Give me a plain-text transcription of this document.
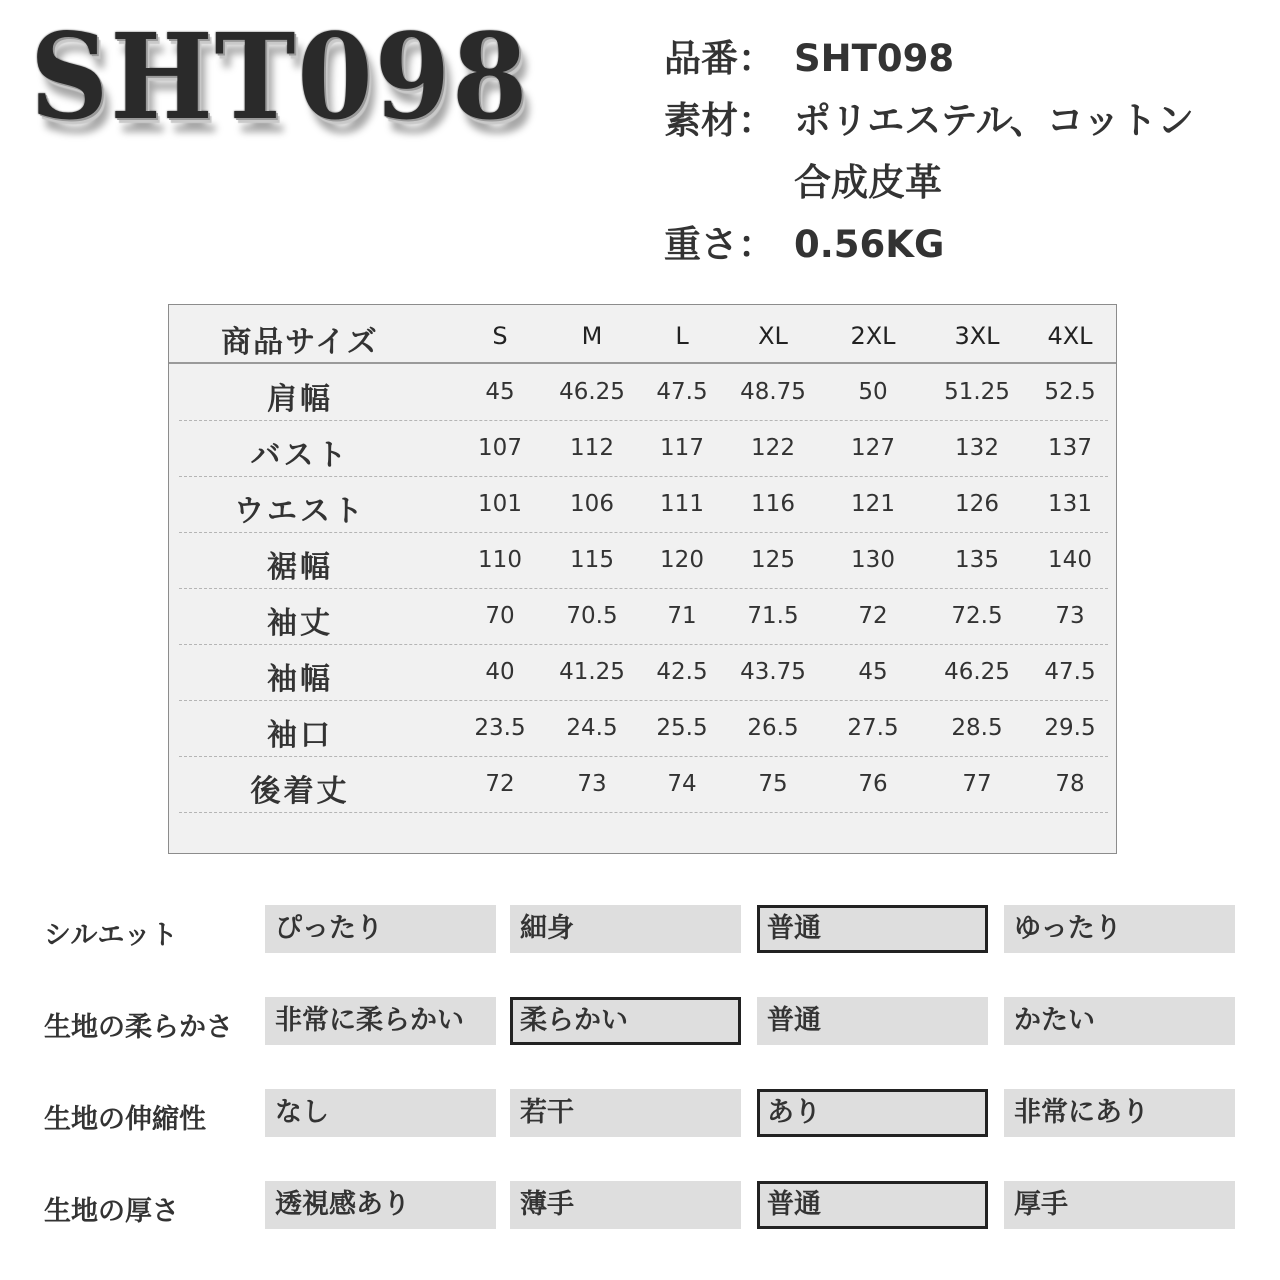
SHT098	品番： SHT098
素材： ポリエステル、コットン
合成皮革
重さ： 0.56KG
商品サイズ	S	M	L	XL	2XL	3XL	4XL
肩幅	45	46.25	47.5	48.75	50	51.25	52.5
バスト	107	112	117	122	127	132	137
ウエスト	101	106	111	116	121	126	131
裾幅	110	115	120	125	130	135	140
袖丈	70	70.5	71	71.5	72	72.5	73
袖幅	40	41.25	42.5	43.75	45	46.25	47.5
袖口	23.5	24.5	25.5	26.5	27.5	28.5	29.5
後着丈	72	73	74	75	76	77	78
シルエット	ぴったり	細身	普通	ゆったり
生地の柔らかさ	非常に柔らかい	柔らかい	普通	かたい
生地の伸縮性	なし	若干	あり	非常にあり
生地の厚さ	透視感あり	薄手	普通	厚手
